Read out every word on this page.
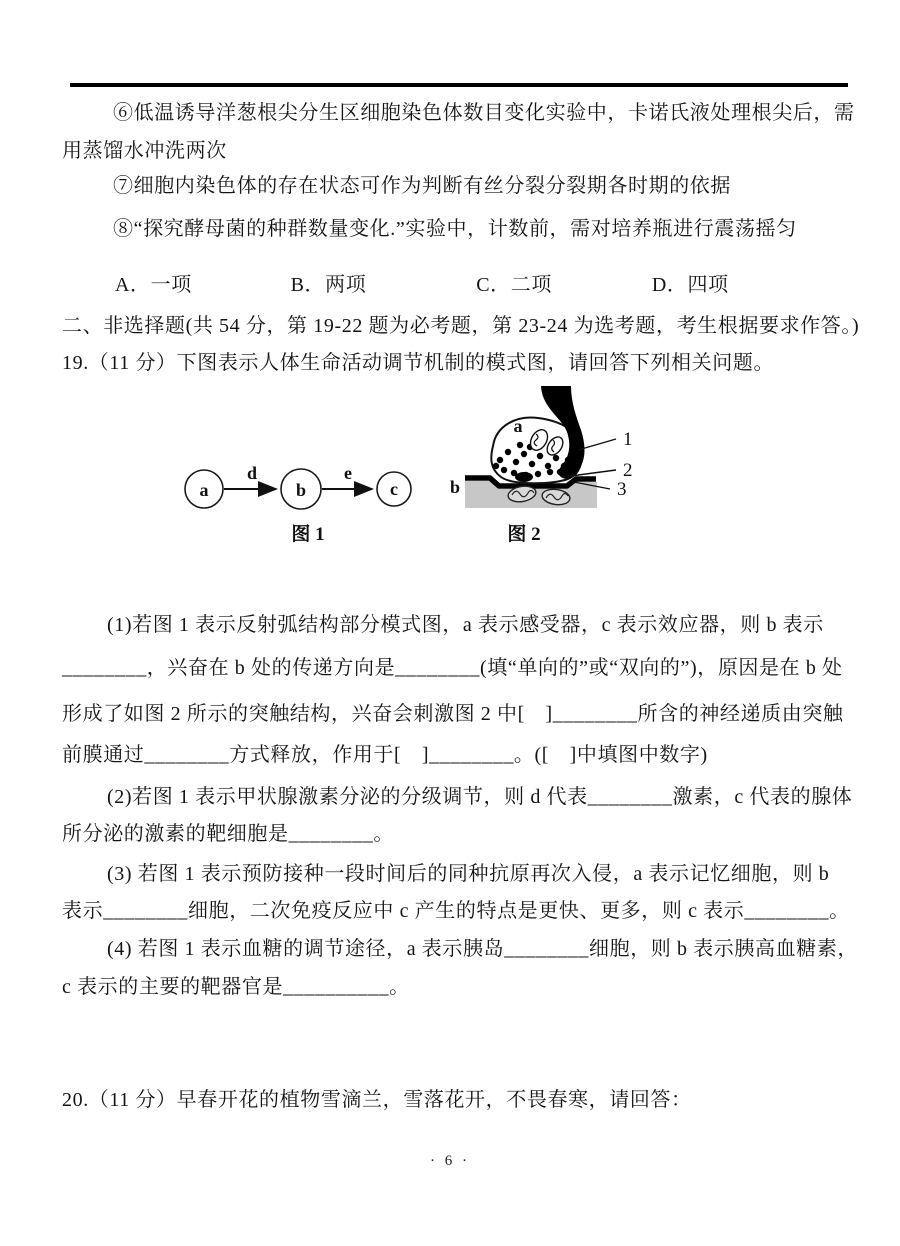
⑥低温诱导洋葱根尖分生区细胞染色体数目变化实验中，卡诺氏液处理根尖后，需
用蒸馏水冲洗两次
⑦细胞内染色体的存在状态可作为判断有丝分裂分裂期各时期的依据
⑧“探究酵母菌的种群数量变化.”实验中，计数前，需对培养瓶进行震荡摇匀
A．一项	B．两项	C．二项	D．四项
二、非选择题(共 54 分，第 19-22 题为必考题，第 23-24 为选考题，考生根据要求作答。)
19.（11 分）下图表示人体生命活动调节机制的模式图，请回答下列相关问题。
a	b	c
d	e
图 1
a
b
1
2
3
图 2
(1)若图 1 表示反射弧结构部分模式图，a 表示感受器，c 表示效应器，则 b 表示
________，兴奋在 b 处的传递方向是________(填“单向的”或“双向的”)，原因是在 b 处
形成了如图 2 所示的突触结构，兴奋会刺激图 2 中[　]________所含的神经递质由突触
前膜通过________方式释放，作用于[　]________。([　]中填图中数字)
(2)若图 1 表示甲状腺激素分泌的分级调节，则 d 代表________激素，c 代表的腺体
所分泌的激素的靶细胞是________。
(3) 若图 1 表示预防接种一段时间后的同种抗原再次入侵，a 表示记忆细胞，则 b
表示________细胞，二次免疫反应中 c 产生的特点是更快、更多，则 c 表示________。
(4) 若图 1 表示血糖的调节途径，a 表示胰岛________细胞，则 b 表示胰高血糖素，
c 表示的主要的靶器官是__________。
20.（11 分）早春开花的植物雪滴兰，雪落花开，不畏春寒，请回答：
· 6 ·
